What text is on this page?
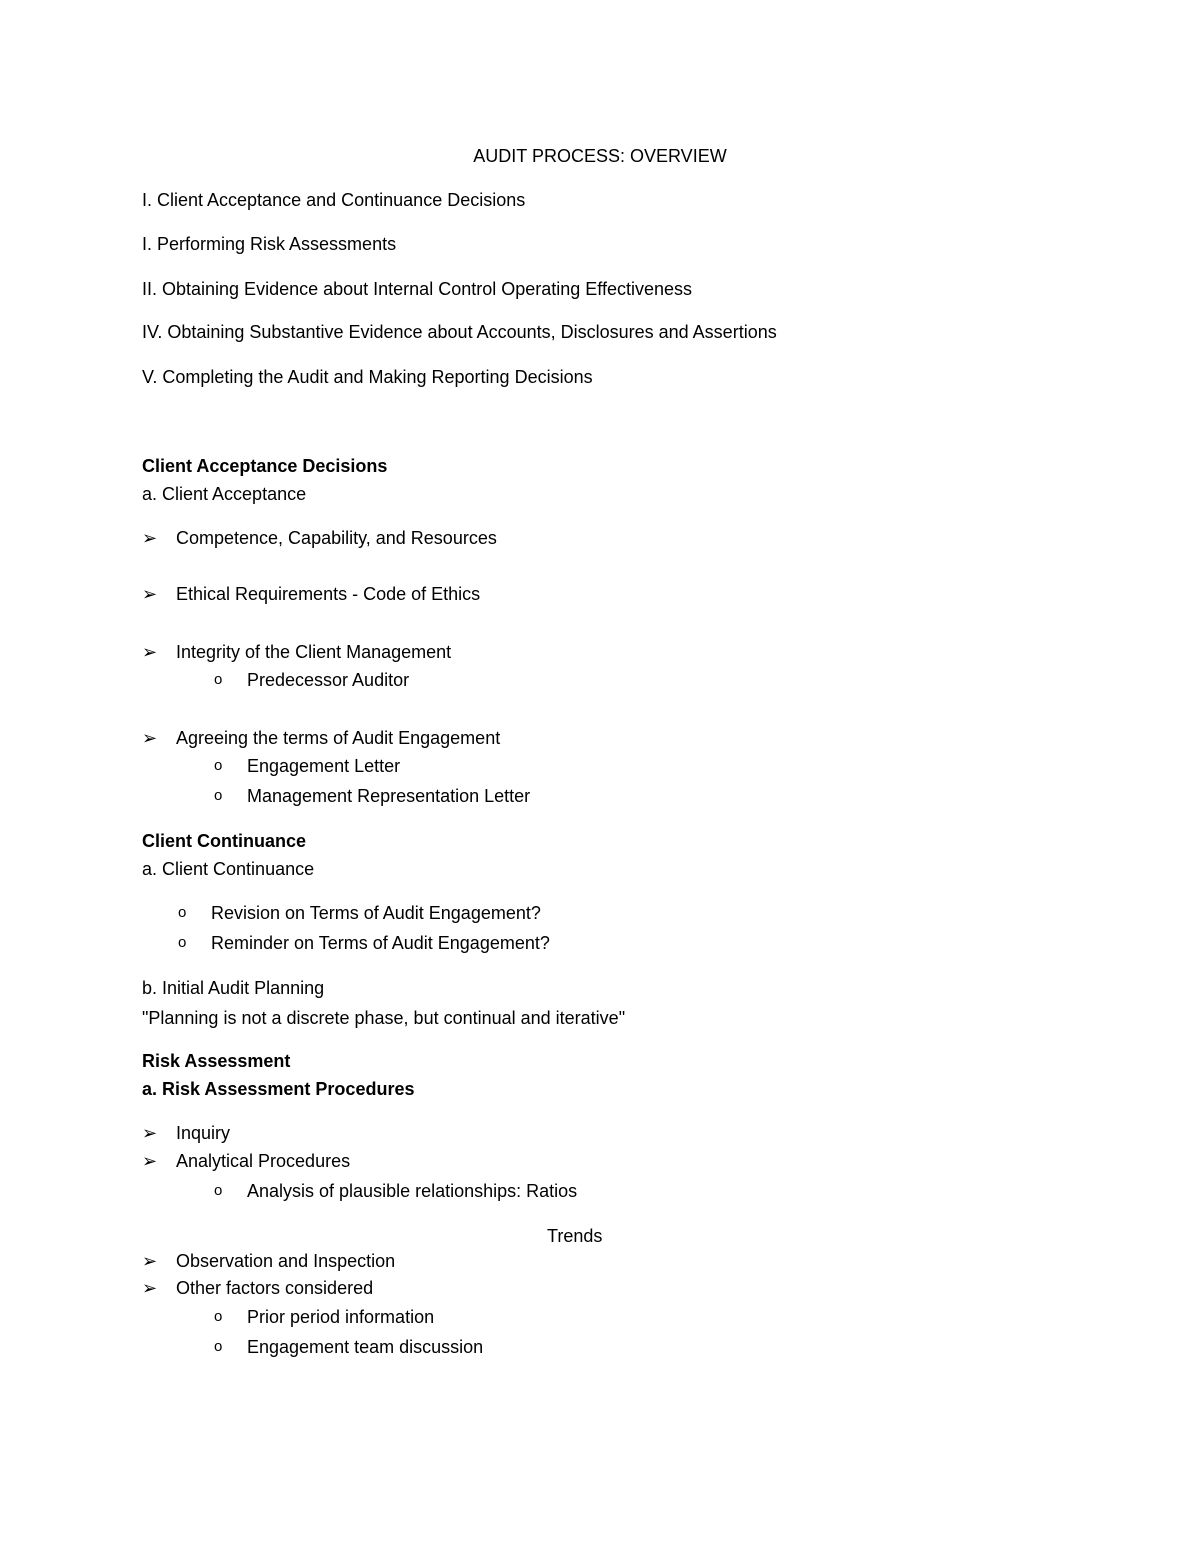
AUDIT PROCESS: OVERVIEW
I. Client Acceptance and Continuance Decisions
I. Performing Risk Assessments
II. Obtaining Evidence about Internal Control Operating Effectiveness
IV. Obtaining Substantive Evidence about Accounts, Disclosures and Assertions
V. Completing the Audit and Making Reporting Decisions
Client Acceptance Decisions
a. Client Acceptance
➢ Competence, Capability, and Resources
➢ Ethical Requirements - Code of Ethics
➢ Integrity of the Client Management
o Predecessor Auditor
➢ Agreeing the terms of Audit Engagement
o Engagement Letter
o Management Representation Letter
Client Continuance
a. Client Continuance
o Revision on Terms of Audit Engagement?
o Reminder on Terms of Audit Engagement?
b. Initial Audit Planning
"Planning is not a discrete phase, but continual and iterative"
Risk Assessment
a. Risk Assessment Procedures
➢ Inquiry
➢ Analytical Procedures
o Analysis of plausible relationships: Ratios
Trends
➢ Observation and Inspection
➢ Other factors considered
o Prior period information
o Engagement team discussion
